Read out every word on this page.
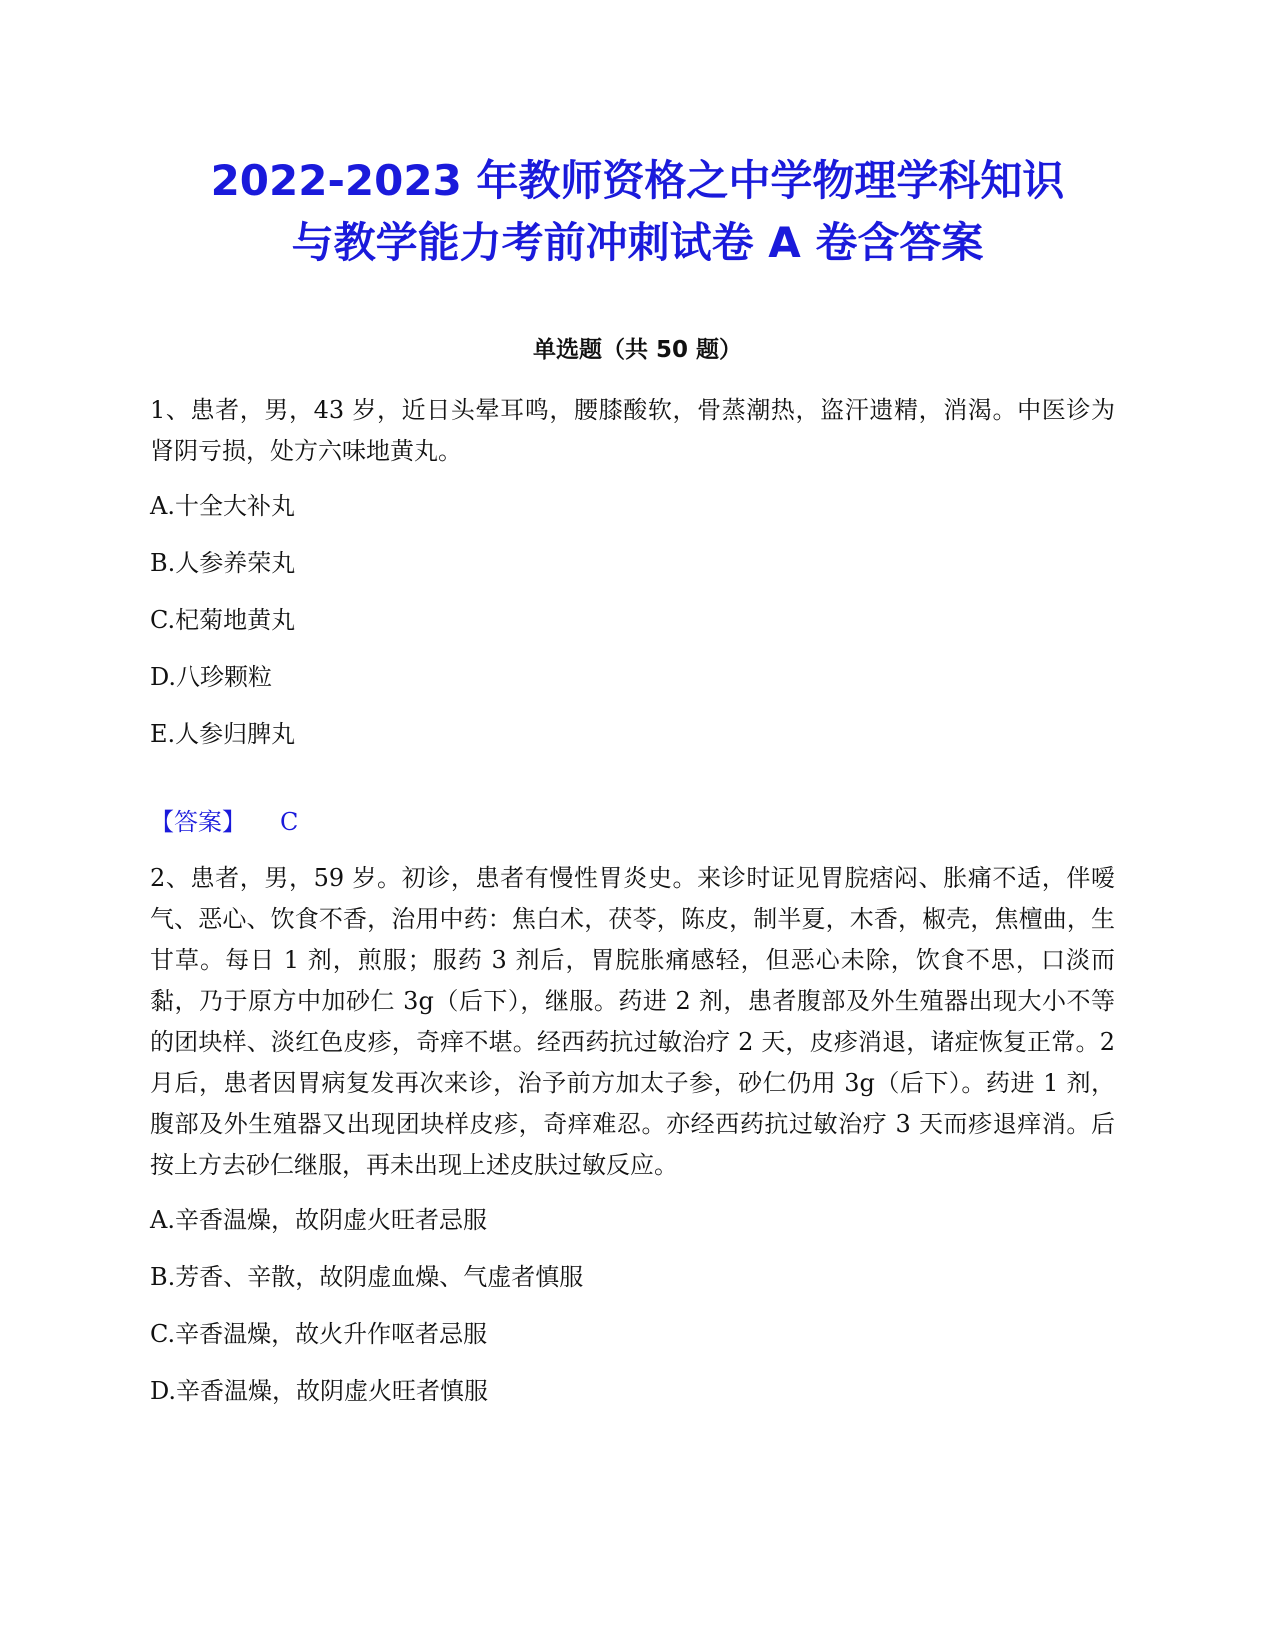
2022-2023 年教师资格之中学物理学科知识
与教学能力考前冲刺试卷 A 卷含答案
单选题（共 50 题）

1、患者，男，43 岁，近日头晕耳鸣，腰膝酸软，骨蒸潮热，盗汗遗精，消渴。中医诊为肾阴亏损，处方六味地黄丸。

A.十全大补丸
B.人参养荣丸
C.杞菊地黄丸
D.八珍颗粒
E.人参归脾丸
【答案】 C

2、患者，男，59 岁。初诊，患者有慢性胃炎史。来诊时证见胃脘痞闷、胀痛不适，伴嗳气、恶心、饮食不香，治用中药：焦白术，茯苓，陈皮，制半夏，木香，椒壳，焦檀曲，生甘草。每日 1 剂，煎服；服药 3 剂后，胃脘胀痛感轻，但恶心未除，饮食不思，口淡而黏，乃于原方中加砂仁 3g（后下），继服。药进 2 剂，患者腹部及外生殖器出现大小不等的团块样、淡红色皮疹，奇痒不堪。经西药抗过敏治疗 2 天，皮疹消退，诸症恢复正常。2 月后，患者因胃病复发再次来诊，治予前方加太子参，砂仁仍用 3g（后下）。药进 1 剂，腹部及外生殖器又出现团块样皮疹，奇痒难忍。亦经西药抗过敏治疗 3 天而疹退痒消。后按上方去砂仁继服，再未出现上述皮肤过敏反应。

A.辛香温燥，故阴虚火旺者忌服
B.芳香、辛散，故阴虚血燥、气虚者慎服
C.辛香温燥，故火升作呕者忌服
D.辛香温燥，故阴虚火旺者慎服
